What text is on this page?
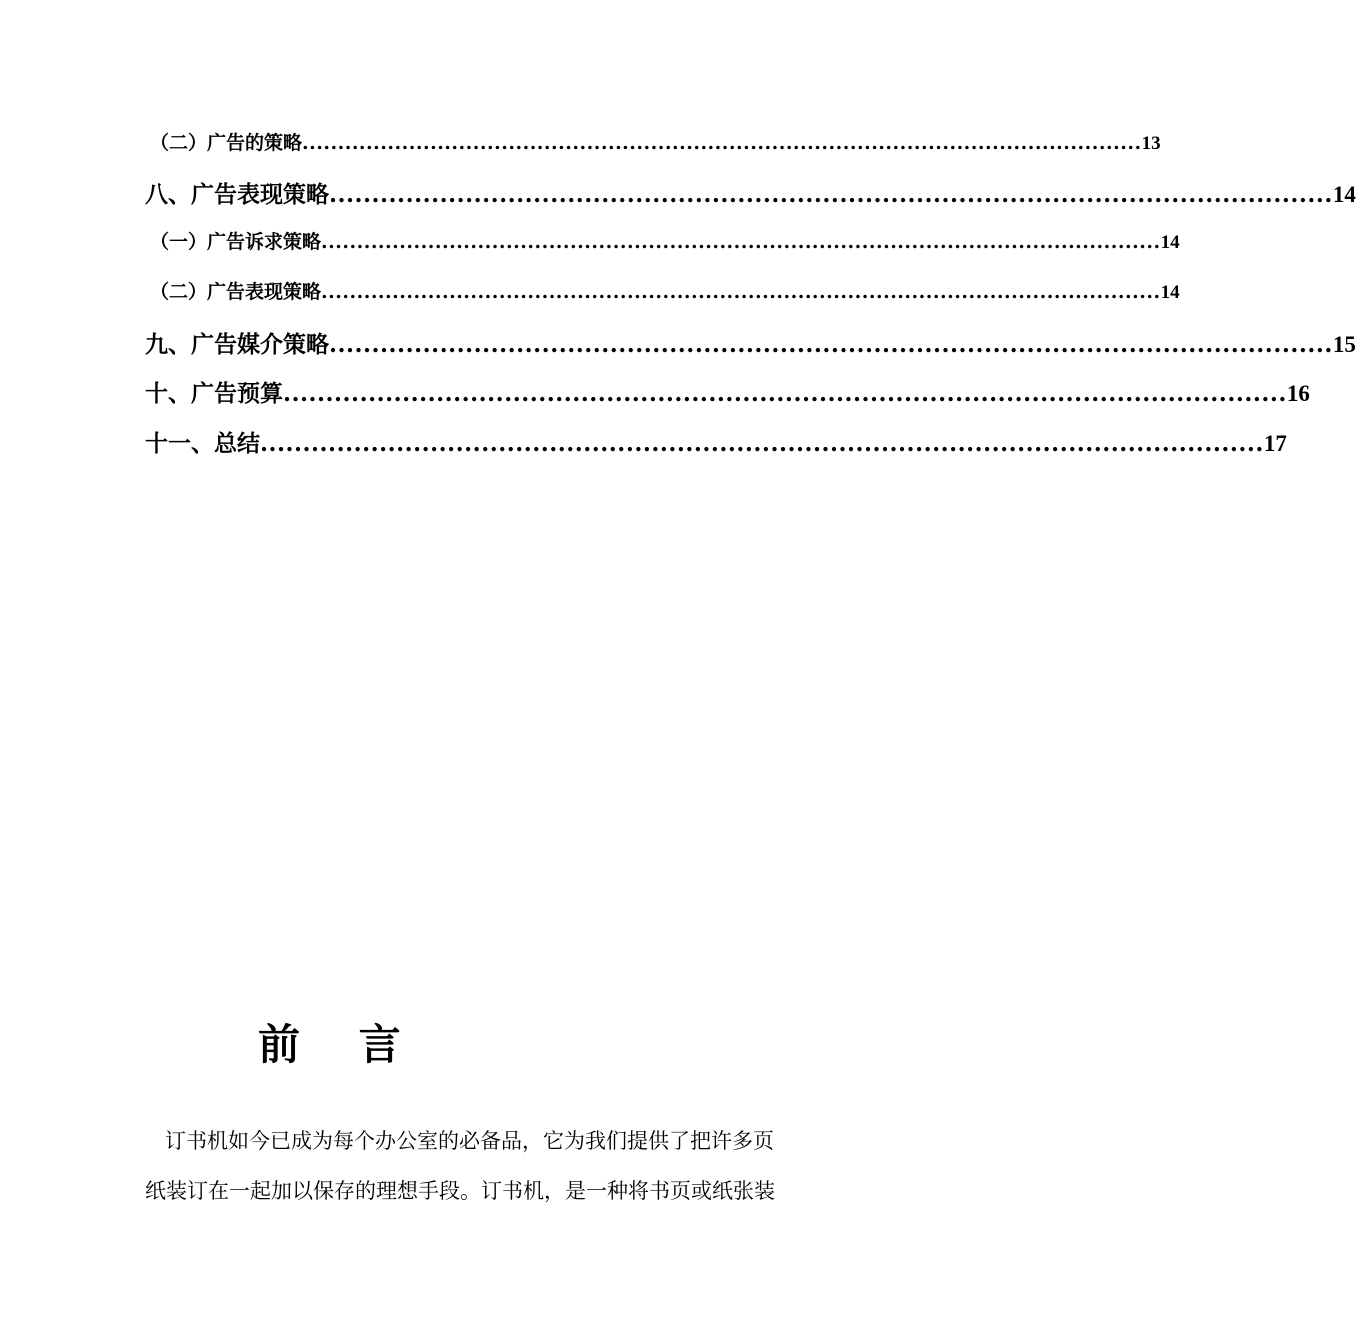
（二）广告的策略 ...................................................................................................................... 13
八、广告表现策略 ...................................................................................................................... 14
（一）广告诉求策略 ...................................................................................................................... 14
（二）广告表现策略 ...................................................................................................................... 14
九、广告媒介策略 ...................................................................................................................... 15
十、广告预算 ...................................................................................................................... 16
十一、总结 ...................................................................................................................... 17
前 言
订书机如今已成为每个办公室的必备品，它为我们提供了把许多页
纸装订在一起加以保存的理想手段。订书机，是一种将书页或纸张装
